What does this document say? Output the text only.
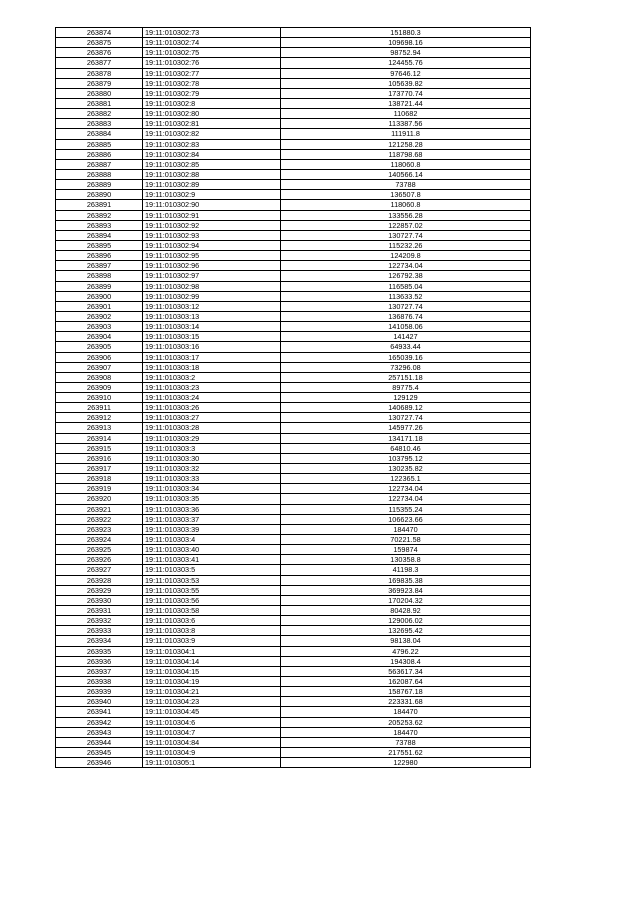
263874	19:11:010302:73	151880.3
263875	19:11:010302:74	109698.16
263876	19:11:010302:75	98752.94
263877	19:11:010302:76	124455.76
263878	19:11:010302:77	97646.12
263879	19:11:010302:78	105639.82
263880	19:11:010302:79	173770.74
263881	19:11:010302:8	138721.44
263882	19:11:010302:80	110682
263883	19:11:010302:81	113387.56
263884	19:11:010302:82	111911.8
263885	19:11:010302:83	121258.28
263886	19:11:010302:84	118798.68
263887	19:11:010302:85	118060.8
263888	19:11:010302:88	140566.14
263889	19:11:010302:89	73788
263890	19:11:010302:9	136507.8
263891	19:11:010302:90	118060.8
263892	19:11:010302:91	133556.28
263893	19:11:010302:92	122857.02
263894	19:11:010302:93	130727.74
263895	19:11:010302:94	115232.26
263896	19:11:010302:95	124209.8
263897	19:11:010302:96	122734.04
263898	19:11:010302:97	126792.38
263899	19:11:010302:98	116585.04
263900	19:11:010302:99	113633.52
263901	19:11:010303:12	130727.74
263902	19:11:010303:13	136876.74
263903	19:11:010303:14	141058.06
263904	19:11:010303:15	141427
263905	19:11:010303:16	64933.44
263906	19:11:010303:17	165039.16
263907	19:11:010303:18	73296.08
263908	19:11:010303:2	257151.18
263909	19:11:010303:23	89775.4
263910	19:11:010303:24	129129
263911	19:11:010303:26	140689.12
263912	19:11:010303:27	130727.74
263913	19:11:010303:28	145977.26
263914	19:11:010303:29	134171.18
263915	19:11:010303:3	64810.46
263916	19:11:010303:30	103795.12
263917	19:11:010303:32	130235.82
263918	19:11:010303:33	122365.1
263919	19:11:010303:34	122734.04
263920	19:11:010303:35	122734.04
263921	19:11:010303:36	115355.24
263922	19:11:010303:37	106623.66
263923	19:11:010303:39	184470
263924	19:11:010303:4	70221.58
263925	19:11:010303:40	159874
263926	19:11:010303:41	130358.8
263927	19:11:010303:5	41198.3
263928	19:11:010303:53	169835.38
263929	19:11:010303:55	369923.84
263930	19:11:010303:56	170204.32
263931	19:11:010303:58	80428.92
263932	19:11:010303:6	129006.02
263933	19:11:010303:8	132695.42
263934	19:11:010303:9	98138.04
263935	19:11:010304:1	4796.22
263936	19:11:010304:14	194308.4
263937	19:11:010304:15	563617.34
263938	19:11:010304:19	162087.64
263939	19:11:010304:21	158767.18
263940	19:11:010304:23	223331.68
263941	19:11:010304:45	184470
263942	19:11:010304:6	205253.62
263943	19:11:010304:7	184470
263944	19:11:010304:84	73788
263945	19:11:010304:9	217551.62
263946	19:11:010305:1	122980
